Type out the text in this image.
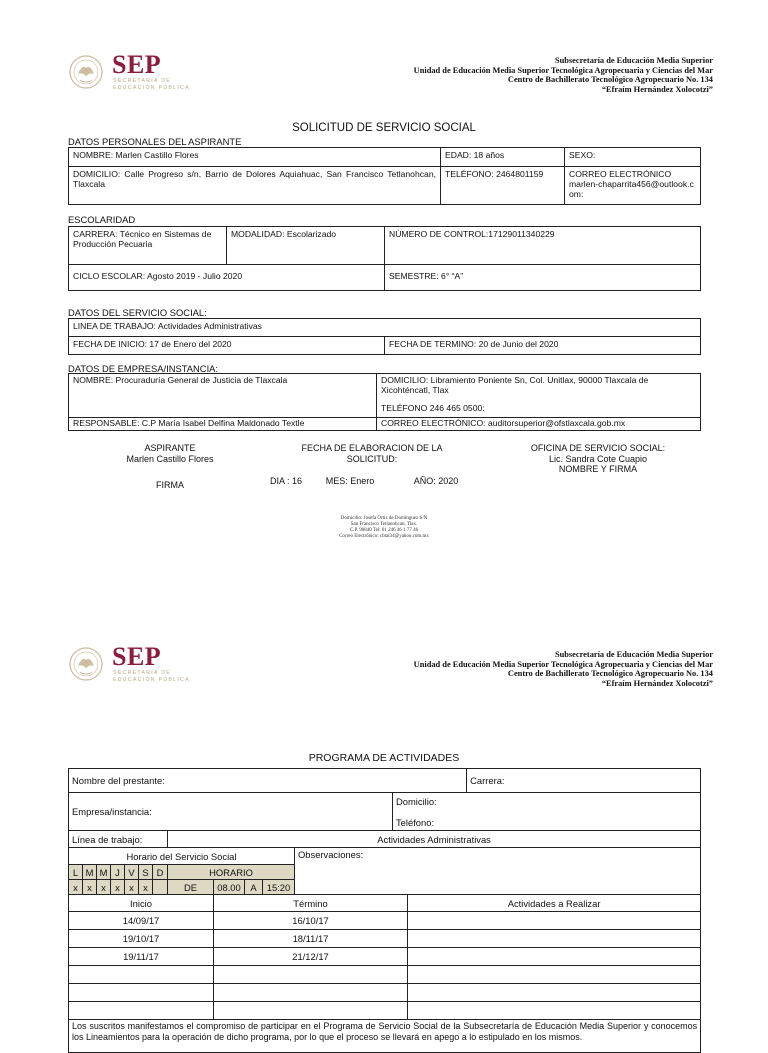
SEP
SECRETARÍA DE
EDUCACIÓN PÚBLICA
Subsecretaría de Educación Media Superior
Unidad de Educación Media Superior Tecnológica Agropecuaria y Ciencias del Mar
Centro de Bachillerato Tecnológico Agropecuario No. 134
“Efraím Hernández Xolocotzi”
SOLICITUD DE SERVICIO SOCIAL
DATOS PERSONALES DEL ASPIRANTE
NOMBRE: Marlen Castillo Flores	EDAD: 18 años	SEXO:
DOMICILIO: Calle Progreso s/n, Barrio de Dolores Aquiahuac, San Francisco Tetlanohcan, Tlaxcala	TELÉFONO: 2464801159	CORREO ELECTRÓNICO
marlen-chaparrita456@outlook.com:
ESCOLARIDAD
CARRERA: Técnico en Sistemas de Producción Pecuaria	MODALIDAD: Escolarizado	NÚMERO DE CONTROL:17129011340229
CICLO ESCOLAR: Agosto 2019 - Julio 2020		SEMESTRE: 6° “A”
DATOS DEL SERVICIO SOCIAL:
LINEA DE TRABAJO: Actividades Administrativas
FECHA DE INICIO: 17 de Enero del 2020	FECHA DE TERMINO: 20 de Junio del 2020
DATOS DE EMPRESA/INSTANCIA:
NOMBRE: Procuraduría General de Justicia de Tlaxcala	DOMICILIO: Libramiento Poniente Sn, Col. Unitlax, 90000 Tlaxcala de Xicohténcatl, Tlax
TELÉFONO 246 465 0500:

RESPONSABLE: C.P María Isabel Delfina Maldonado Textle	CORREO ELECTRÓNICO: auditorsuperior@ofstlaxcala.gob.mx
ASPIRANTE
Marlen Castillo Flores
FIRMA
FECHA DE ELABORACION DE LA
SOLICITUD:
DIA : 16	MES: Enero	AÑO: 2020
OFICINA DE SERVICIO SOCIAL:
Lic. Sandra Cote Cuapio
NOMBRE Y FIRMA
Domicilio: Josefa Ortiz de Domínguez S/N
San Francisco Tetlanohcan, Tlax.
C.P. 90840 Tel: 01 246 46 1 77 46
Correo Electrónico: cbtal34@yahoo.com.mx
SEP
SECRETARÍA DE
EDUCACIÓN PÚBLICA
Subsecretaría de Educación Media Superior
Unidad de Educación Media Superior Tecnológica Agropecuaria y Ciencias del Mar
Centro de Bachillerato Tecnológico Agropecuario No. 134
“Efraím Hernández Xolocotzi”
PROGRAMA DE ACTIVIDADES
Nombre del prestante:														Carrera:
Empresa/instancia:												Domicilio:		
												Teléfono:		
Línea de trabajo:							Actividades Administrativas							
Horario del Servicio Social											Observaciones:			
L	M	M	J	V	S	D	HORARIO							
x	x	x	x	x	x		DE	08.00	A	15:20				
Inicio								Término					Actividades a Realizar	
14/09/17								16/10/17						
19/10/17								18/11/17						
19/11/17								21/12/17						

Los suscritos manifestamos el compromiso de participar en el Programa de Servicio Social de la Subsecretaría de Educación Media Superior y conocemos los Lineamientos para la operación de dicho programa, por lo que el proceso se llevará en apego a lo estipulado en los mismos.														
